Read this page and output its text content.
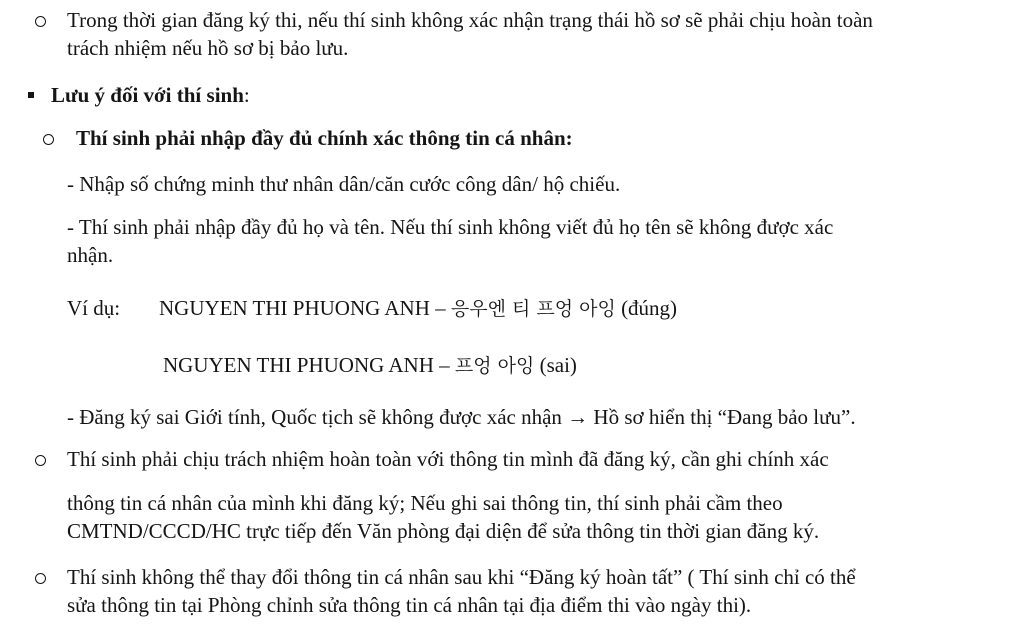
Trong thời gian đăng ký thi, nếu thí sinh không xác nhận trạng thái hồ sơ sẽ phải chịu hoàn toàn
trách nhiệm nếu hồ sơ bị bảo lưu.
Lưu ý đối với thí sinh:
Thí sinh phải nhập đầy đủ chính xác thông tin cá nhân:
- Nhập số chứng minh thư nhân dân/căn cước công dân/ hộ chiếu.
- Thí sinh phải nhập đầy đủ họ và tên. Nếu thí sinh không viết đủ họ tên sẽ không được xác
nhận.
Ví dụ: NGUYEN THI PHUONG ANH – 응우엔 티 프엉 아잉 (đúng)
NGUYEN THI PHUONG ANH – 프엉 아잉 (sai)
- Đăng ký sai Giới tính, Quốc tịch sẽ không được xác nhận → Hồ sơ hiển thị “Đang bảo lưu”.
Thí sinh phải chịu trách nhiệm hoàn toàn với thông tin mình đã đăng ký, cần ghi chính xác
thông tin cá nhân của mình khi đăng ký; Nếu ghi sai thông tin, thí sinh phải cầm theo
CMTND/CCCD/HC trực tiếp đến Văn phòng đại diện để sửa thông tin thời gian đăng ký.
Thí sinh không thể thay đổi thông tin cá nhân sau khi “Đăng ký hoàn tất” ( Thí sinh chỉ có thể
sửa thông tin tại Phòng chỉnh sửa thông tin cá nhân tại địa điểm thi vào ngày thi).
